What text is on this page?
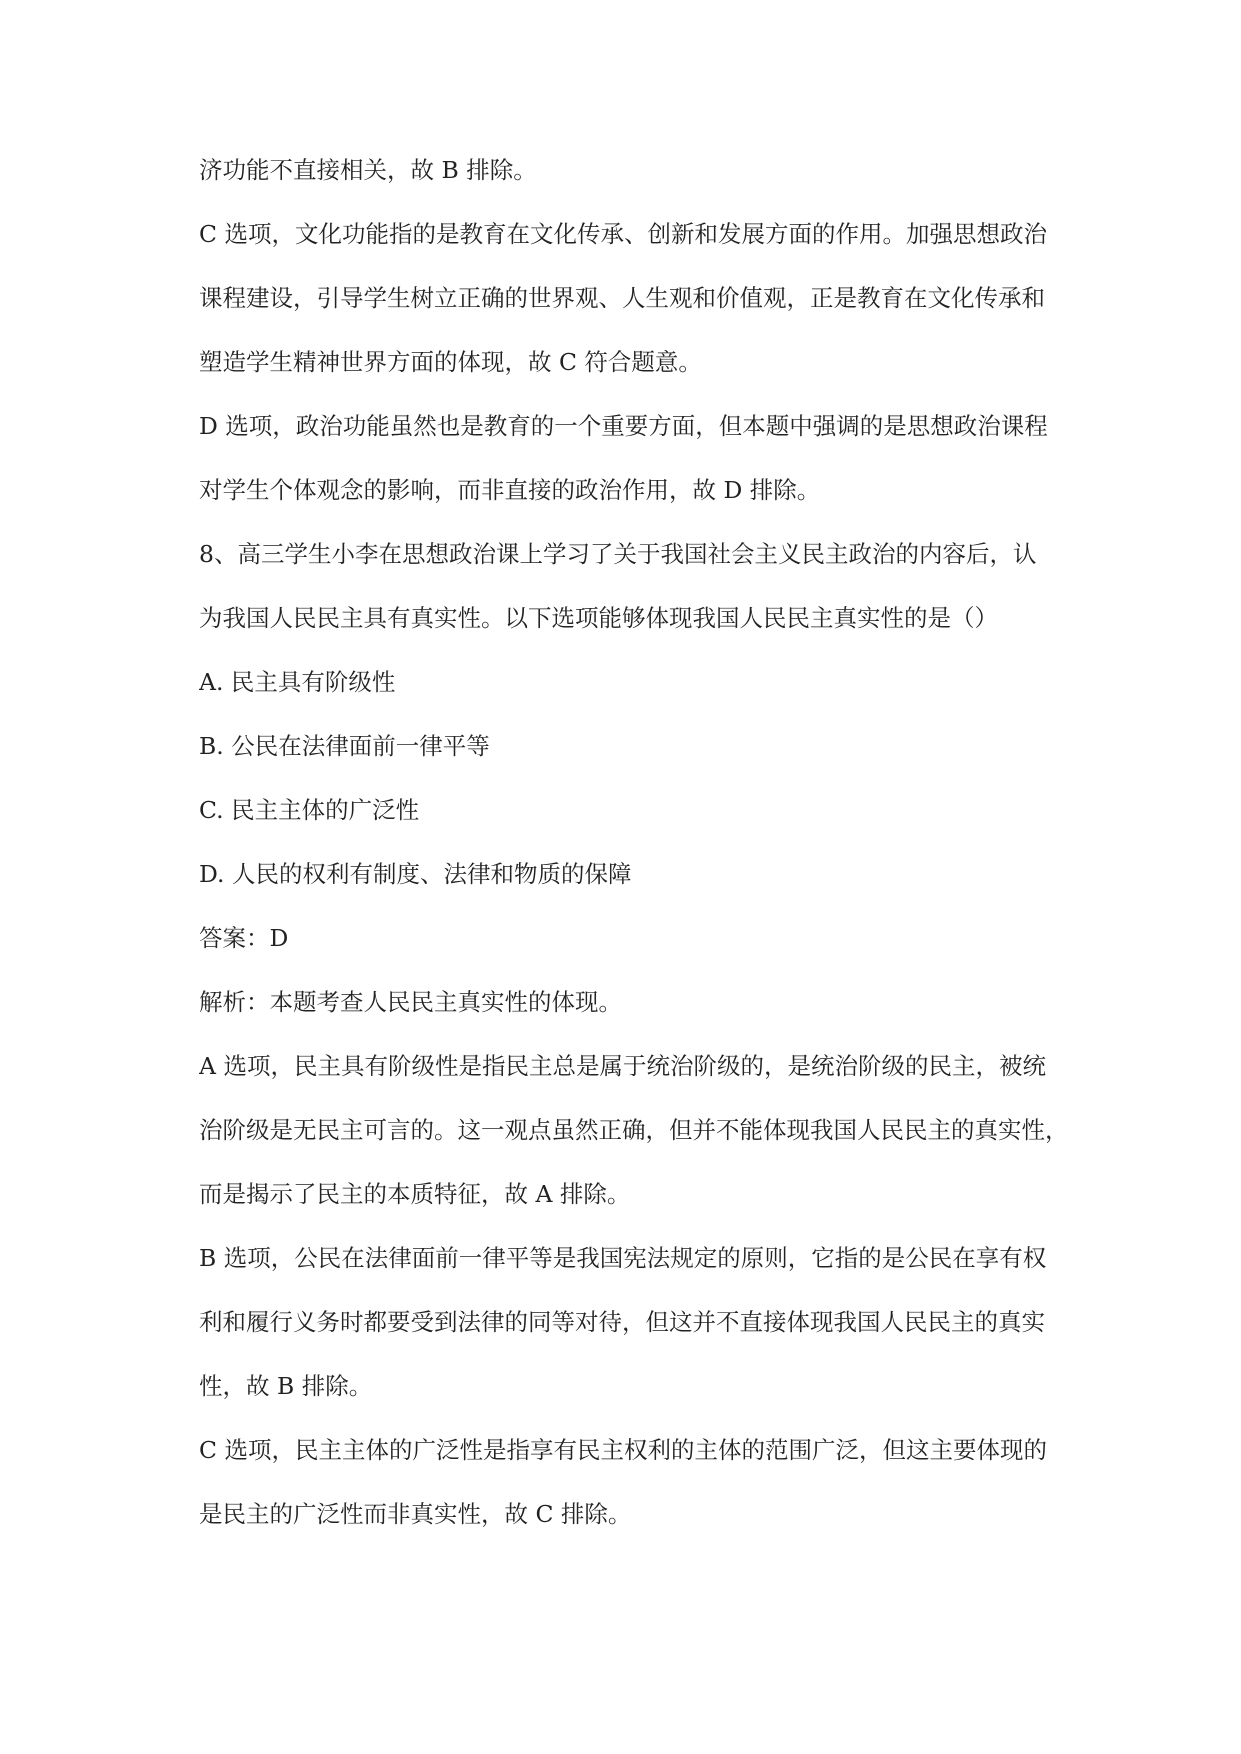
济功能不直接相关，故 B 排除。
C 选项，文化功能指的是教育在文化传承、创新和发展方面的作用。加强思想政治
课程建设，引导学生树立正确的世界观、人生观和价值观，正是教育在文化传承和
塑造学生精神世界方面的体现，故 C 符合题意。
D 选项，政治功能虽然也是教育的一个重要方面，但本题中强调的是思想政治课程
对学生个体观念的影响，而非直接的政治作用，故 D 排除。
8、高三学生小李在思想政治课上学习了关于我国社会主义民主政治的内容后，认
为我国人民民主具有真实性。以下选项能够体现我国人民民主真实性的是（）
A. 民主具有阶级性
B. 公民在法律面前一律平等
C. 民主主体的广泛性
D. 人民的权利有制度、法律和物质的保障
答案：D
解析：本题考查人民民主真实性的体现。
A 选项，民主具有阶级性是指民主总是属于统治阶级的，是统治阶级的民主，被统
治阶级是无民主可言的。这一观点虽然正确，但并不能体现我国人民民主的真实性，
而是揭示了民主的本质特征，故 A 排除。
B 选项，公民在法律面前一律平等是我国宪法规定的原则，它指的是公民在享有权
利和履行义务时都要受到法律的同等对待，但这并不直接体现我国人民民主的真实
性，故 B 排除。
C 选项，民主主体的广泛性是指享有民主权利的主体的范围广泛，但这主要体现的
是民主的广泛性而非真实性，故 C 排除。
